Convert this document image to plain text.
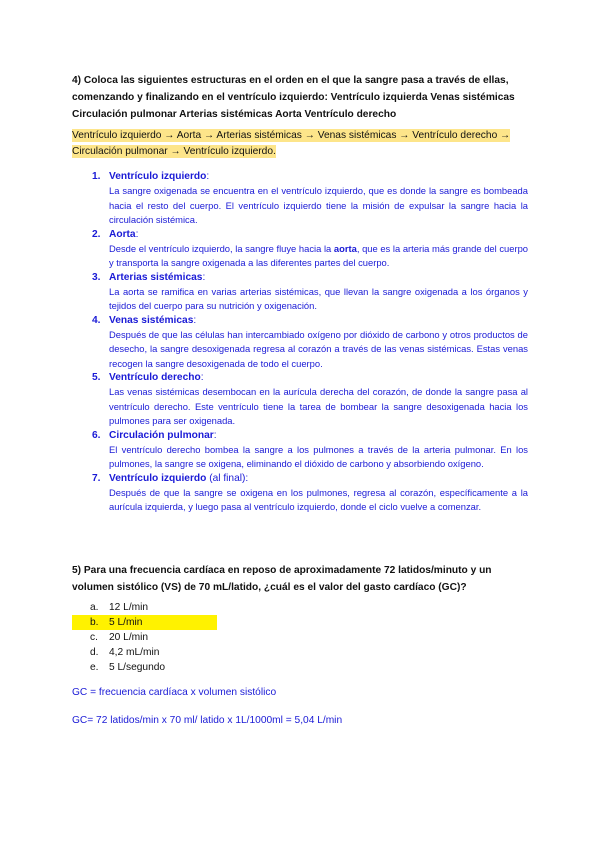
4) Coloca las siguientes estructuras en el orden en el que la sangre pasa a través de ellas, comenzando y finalizando en el ventrículo izquierdo: Ventrículo izquierda Venas sistémicas Circulación pulmonar Arterias sistémicas Aorta Ventrículo derecho
Ventrículo izquierdo → Aorta → Arterias sistémicas → Venas sistémicas → Ventrículo derecho → Circulación pulmonar → Ventrículo izquierdo.
1. Ventrículo izquierdo:
La sangre oxigenada se encuentra en el ventrículo izquierdo, que es donde la sangre es bombeada hacia el resto del cuerpo. El ventrículo izquierdo tiene la misión de expulsar la sangre hacia la circulación sistémica.
2. Aorta:
Desde el ventrículo izquierdo, la sangre fluye hacia la aorta, que es la arteria más grande del cuerpo y transporta la sangre oxigenada a las diferentes partes del cuerpo.
3. Arterias sistémicas:
La aorta se ramifica en varias arterias sistémicas, que llevan la sangre oxigenada a los órganos y tejidos del cuerpo para su nutrición y oxigenación.
4. Venas sistémicas:
Después de que las células han intercambiado oxígeno por dióxido de carbono y otros productos de desecho, la sangre desoxigenada regresa al corazón a través de las venas sistémicas. Estas venas recogen la sangre desoxigenada de todo el cuerpo.
5. Ventrículo derecho:
Las venas sistémicas desembocan en la aurícula derecha del corazón, de donde la sangre pasa al ventrículo derecho. Este ventrículo tiene la tarea de bombear la sangre desoxigenada hacia los pulmones para ser oxigenada.
6. Circulación pulmonar:
El ventrículo derecho bombea la sangre a los pulmones a través de la arteria pulmonar. En los pulmones, la sangre se oxigena, eliminando el dióxido de carbono y absorbiendo oxígeno.
7. Ventrículo izquierdo (al final):
Después de que la sangre se oxigena en los pulmones, regresa al corazón, específicamente a la aurícula izquierda, y luego pasa al ventrículo izquierdo, donde el ciclo vuelve a comenzar.
5) Para una frecuencia cardíaca en reposo de aproximadamente 72 latidos/minuto y un volumen sistólico (VS) de 70 mL/latido, ¿cuál es el valor del gasto cardíaco (GC)?
a. 12 L/min
b. 5 L/min
c. 20 L/min
d. 4,2 mL/min
e. 5 L/segundo
GC = frecuencia cardíaca x volumen sistólico
GC= 72 latidos/min x 70 ml/ latido x 1L/1000ml = 5,04 L/min
